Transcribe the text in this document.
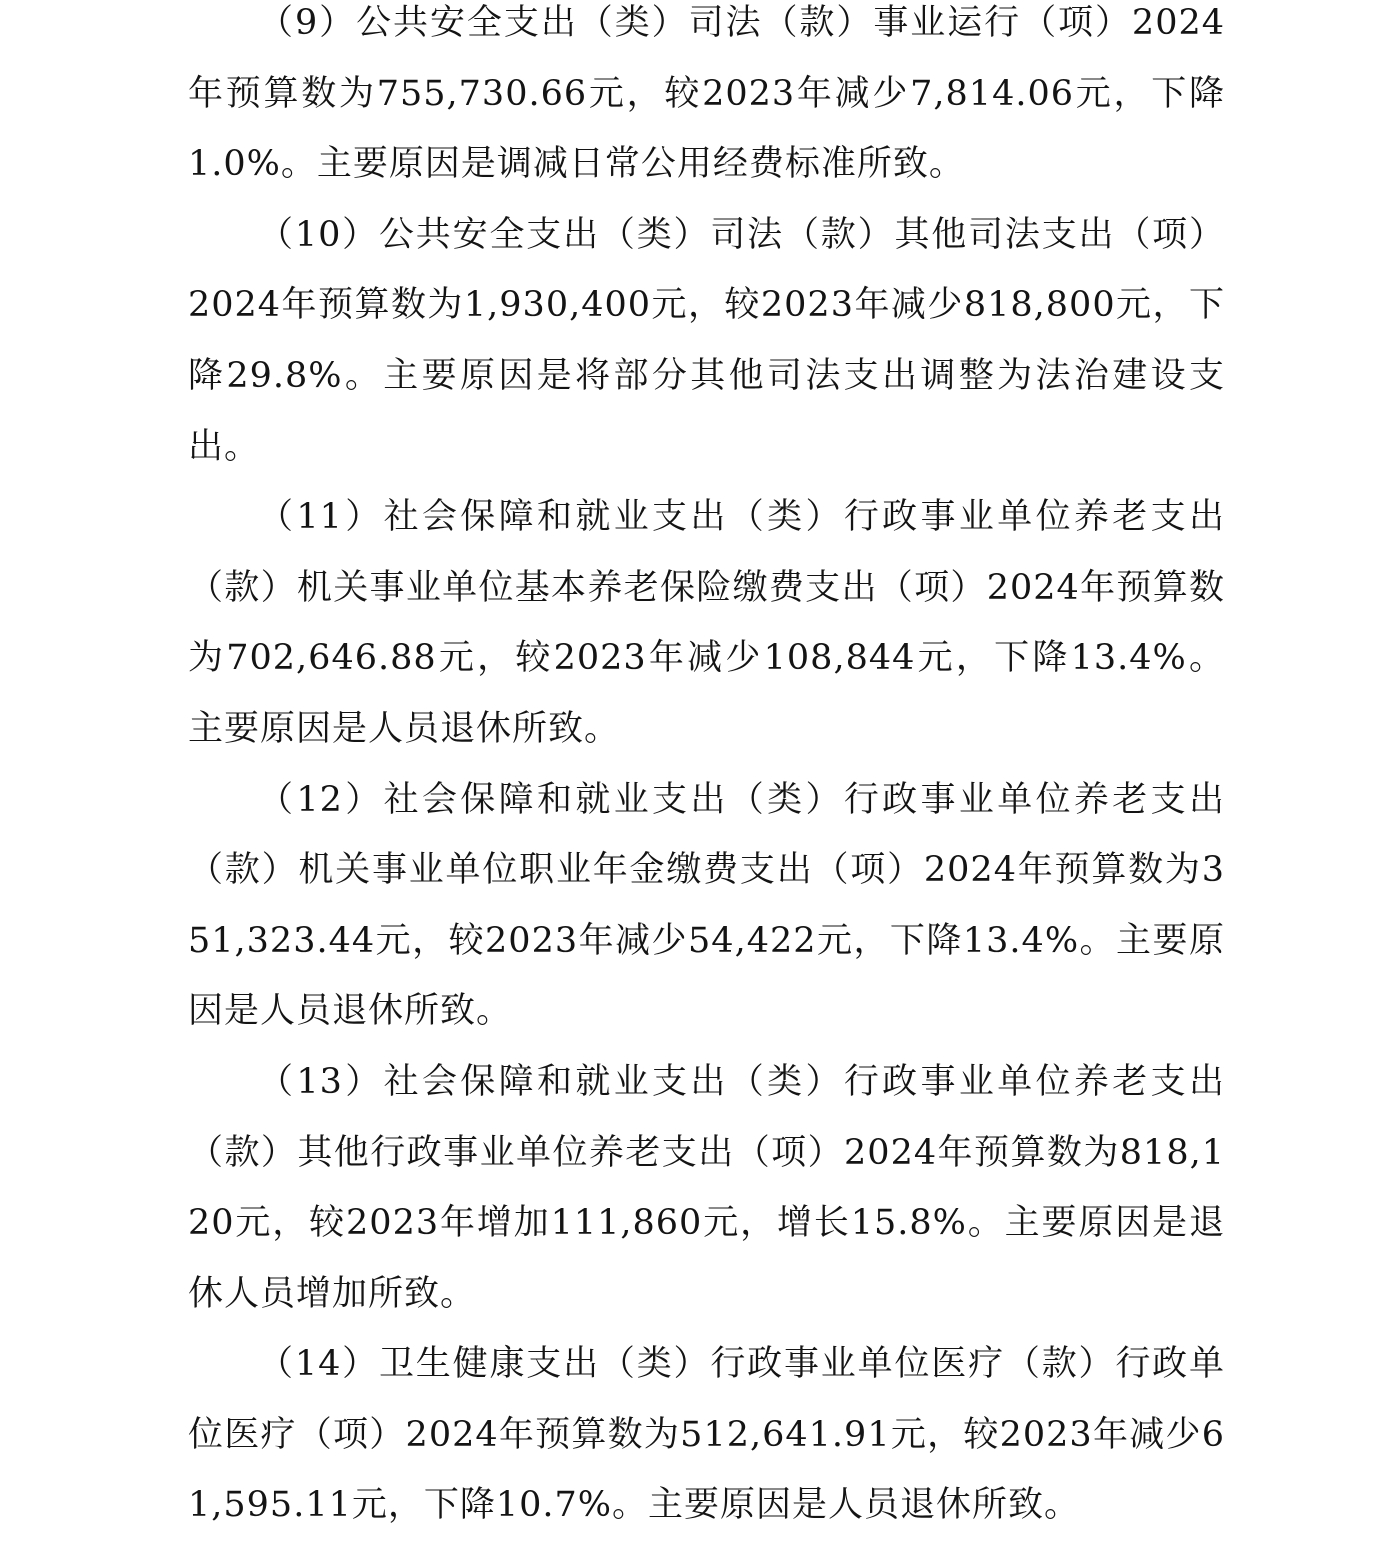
（9）公共安全支出（类）司法（款）事业运行（项）2024年预算数为755,730.66元，较2023年减少7,814.06元，下降1.0%。主要原因是调减日常公用经费标准所致。

（10）公共安全支出（类）司法（款）其他司法支出（项）2024年预算数为1,930,400元，较2023年减少818,800元，下降29.8%。主要原因是将部分其他司法支出调整为法治建设支出。

（11）社会保障和就业支出（类）行政事业单位养老支出（款）机关事业单位基本养老保险缴费支出（项）2024年预算数为702,646.88元，较2023年减少108,844元，下降13.4%。主要原因是人员退休所致。

（12）社会保障和就业支出（类）行政事业单位养老支出（款）机关事业单位职业年金缴费支出（项）2024年预算数为351,323.44元，较2023年减少54,422元，下降13.4%。主要原因是人员退休所致。

（13）社会保障和就业支出（类）行政事业单位养老支出（款）其他行政事业单位养老支出（项）2024年预算数为818,120元，较2023年增加111,860元，增长15.8%。主要原因是退休人员增加所致。

（14）卫生健康支出（类）行政事业单位医疗（款）行政单位医疗（项）2024年预算数为512,641.91元，较2023年减少61,595.11元，下降10.7%。主要原因是人员退休所致。
